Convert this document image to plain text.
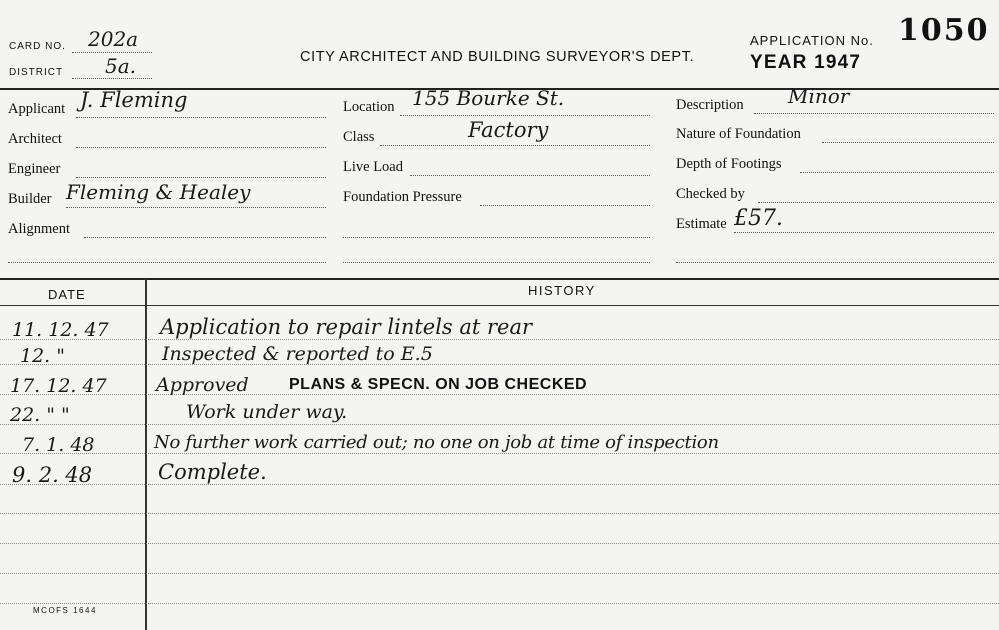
CARD NO. 202a
DISTRICT 5a.	CITY ARCHITECT AND BUILDING SURVEYOR'S DEPT.
APPLICATION No. 1050
YEAR 1947
Applicant J. Fleming
Architect
Engineer
Builder Fleming & Healey
Alignment
Location 155 Bourke St.
Class	Factory
Live Load
Foundation Pressure
Description Minor
Nature of Foundation
Depth of Footings
Checked by
Estimate £57.
DATE	HISTORY
11. 12. 47 Application to repair lintels at rear
12. "	Inspected & reported to E.5
17. 12. 47	Approved	PLANS & SPECN. ON JOB CHECKED
22. " "	Work under way.
7. 1. 48	No further work carried out; no one on job at time of inspection
9. 2. 48	Complete.
MCOFS 1644
